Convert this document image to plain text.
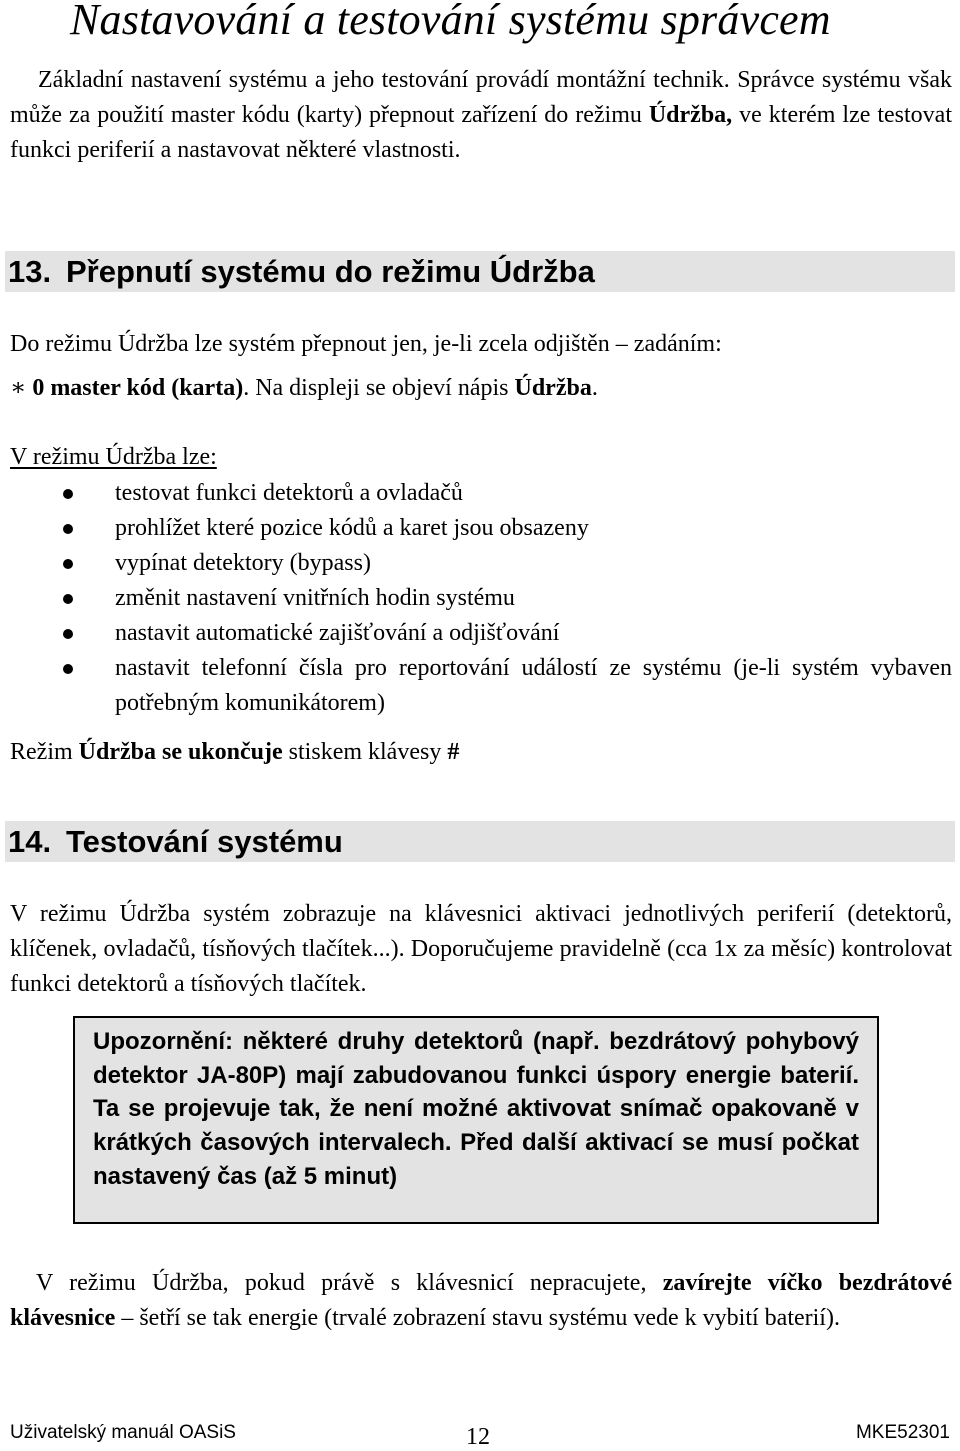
Nastavování a testování systému správcem

Základní nastavení systému a jeho testování provádí montážní technik. Správce systému však může za použití master kódu (karty) přepnout zařízení do režimu Údržba, ve kterém lze testovat funkci periferií a nastavovat některé vlastnosti.

13. Přepnutí systému do režimu Údržba

Do režimu Údržba lze systém přepnout jen, je-li zcela odjištěn – zadáním:

∗ 0 master kód (karta). Na displeji se objeví nápis Údržba.

V režimu Údržba lze:

testovat funkci detektorů a ovladačů
prohlížet které pozice kódů a karet jsou obsazeny
vypínat detektory (bypass)
změnit nastavení vnitřních hodin systému
nastavit automatické zajišťování a odjišťování
nastavit telefonní čísla pro reportování událostí ze systému (je-li systém vybaven potřebným komunikátorem)

Režim Údržba se ukončuje stiskem klávesy #

14. Testování systému

V režimu Údržba systém zobrazuje na klávesnici aktivaci jednotlivých periferií (detektorů, klíčenek, ovladačů, tísňových tlačítek...). Doporučujeme pravidelně (cca 1x za měsíc) kontrolovat funkci detektorů a tísňových tlačítek.

Upozornění: některé druhy detektorů (např. bezdrátový pohybový detektor JA-80P) mají zabudovanou funkci úspory energie baterií. Ta se projevuje tak, že není možné aktivovat snímač opakovaně v krátkých časových intervalech. Před další aktivací se musí počkat nastavený čas (až 5 minut)

V režimu Údržba, pokud právě s klávesnicí nepracujete, zavírejte víčko bezdrátové klávesnice – šetří se tak energie (trvalé zobrazení stavu systému vede k vybití baterií).

Uživatelský manuál OASiS	12	MKE52301
